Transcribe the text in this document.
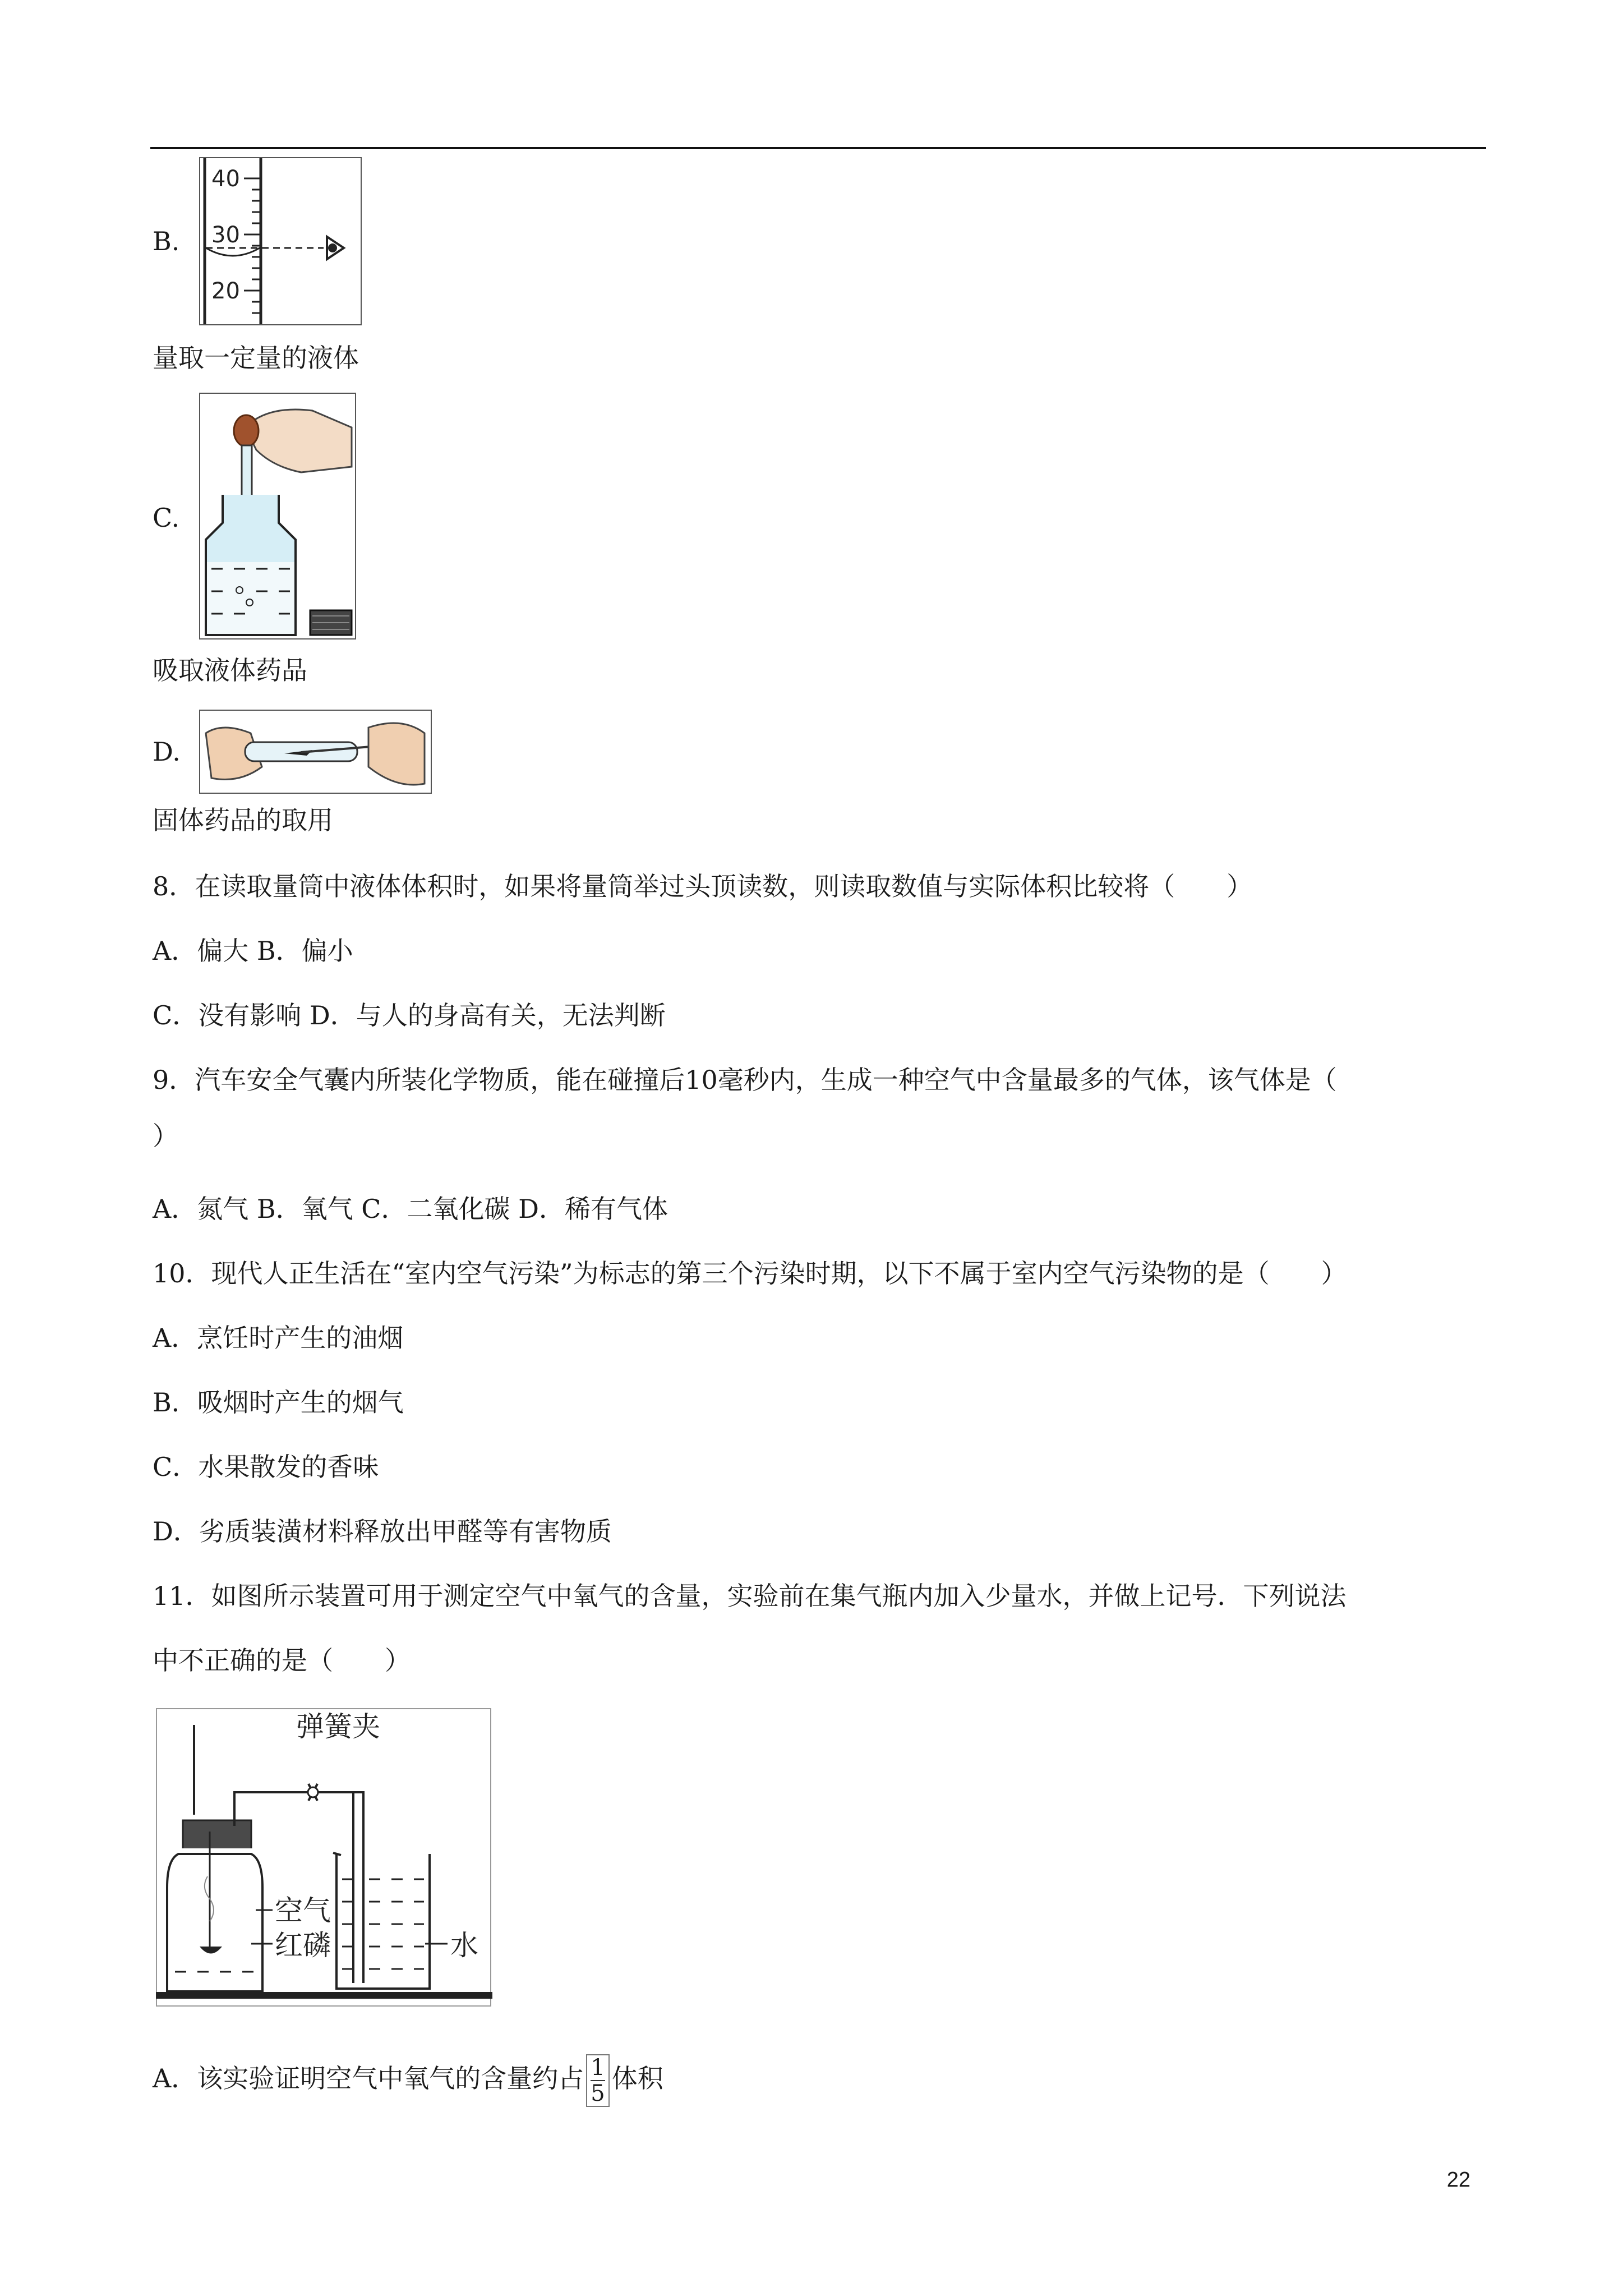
B.
40
30
20
量取一定量的液体
C.
吸取液体药品
D.
固体药品的取用
8．在读取量筒中液体体积时，如果将量筒举过头顶读数，则读取数值与实际体积比较将（　　）
A．偏大 B．偏小
C．没有影响 D．与人的身高有关，无法判断
9．汽车安全气囊内所装化学物质，能在碰撞后10毫秒内，生成一种空气中含量最多的气体，该气体是（
）
A．氮气 B．氧气 C．二氧化碳 D．稀有气体
10．现代人正生活在“室内空气污染”为标志的第三个污染时期，以下不属于室内空气污染物的是（　　）
A．烹饪时产生的油烟
B．吸烟时产生的烟气
C．水果散发的香味
D．劣质装潢材料释放出甲醛等有害物质
11．如图所示装置可用于测定空气中氧气的含量，实验前在集气瓶内加入少量水，并做上记号．下列说法
中不正确的是（　　）
弹簧夹
空气
红磷	水
A．该实验证明空气中氧气的含量约占 $\frac{1}{5}$ 体积
22
